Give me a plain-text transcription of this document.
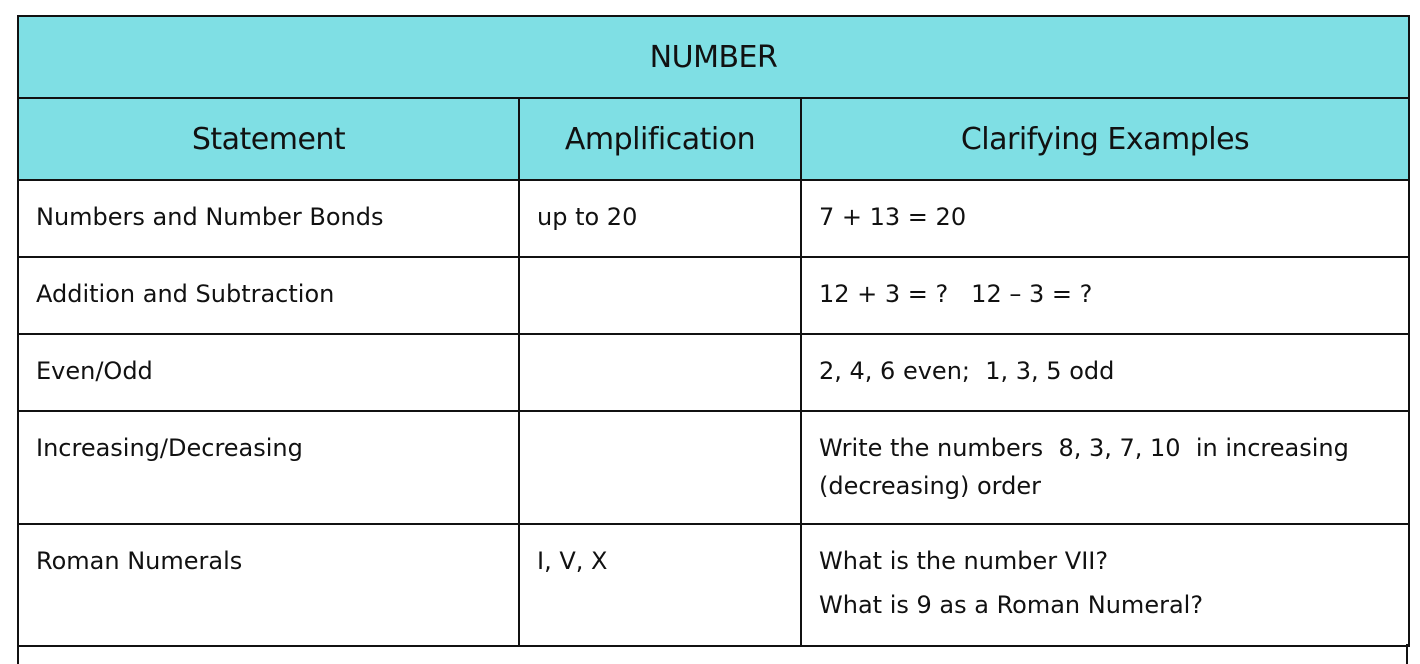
NUMBER		
Statement	Amplification	Clarifying Examples
Numbers and Number Bonds	up to 20	7 + 13 = 20
Addition and Subtraction		12 + 3 = ?   12 – 3 = ?
Even/Odd		2, 4, 6 even;  1, 3, 5 odd
Increasing/Decreasing		Write the numbers  8, 3, 7, 10  in increasing (decreasing) order
Roman Numerals	I, V, X	What is the number VII?
What is 9 as a Roman Numeral?
